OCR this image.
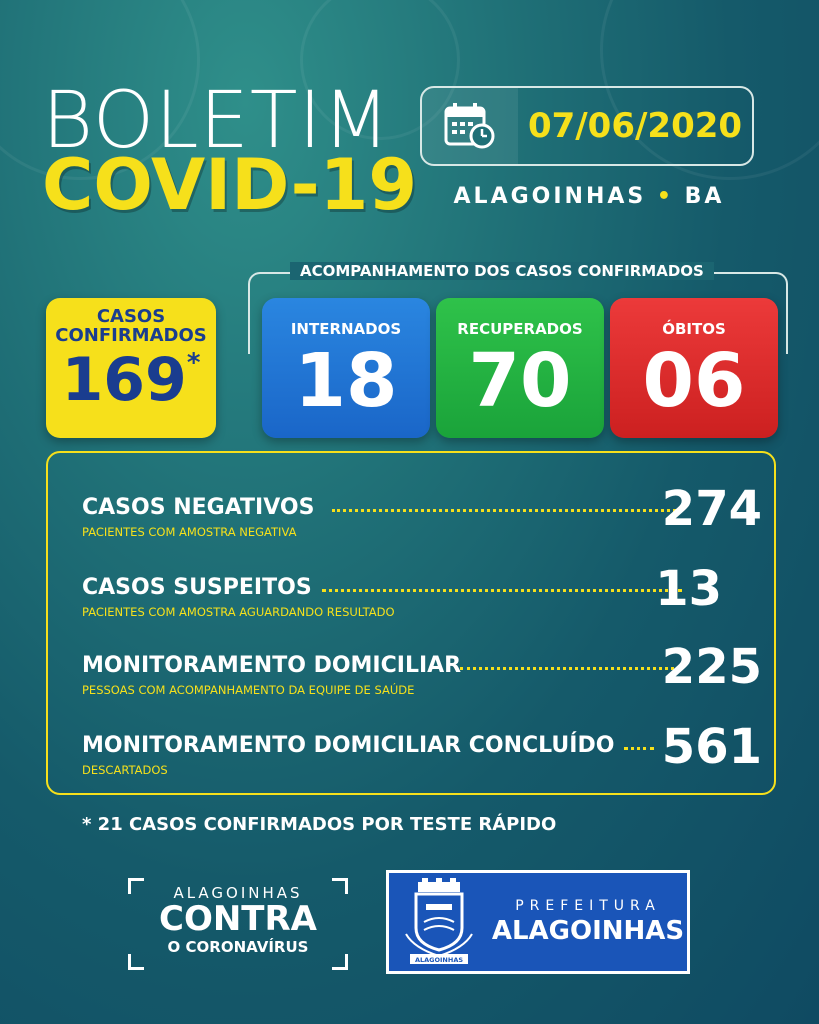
BOLETIM
COVID-19
07/06/2020
ALAGOINHAS • BA
CASOS
CONFIRMADOS
169*
ACOMPANHAMENTO DOS CASOS CONFIRMADOS
INTERNADOS
18
RECUPERADOS
70
ÓBITOS
06
CASOS NEGATIVOS	274
PACIENTES COM AMOSTRA NEGATIVA
CASOS SUSPEITOS	13
PACIENTES COM AMOSTRA AGUARDANDO RESULTADO
MONITORAMENTO DOMICILIAR	225
PESSOAS COM ACOMPANHAMENTO DA EQUIPE DE SAÚDE
MONITORAMENTO DOMICILIAR CONCLUÍDO 561
DESCARTADOS
* 21 CASOS CONFIRMADOS POR TESTE RÁPIDO
ALAGOINHAS
CONTRA
O CORONAVÍRUS
ALAGOINHAS
PREFEITURA
ALAGOINHAS
